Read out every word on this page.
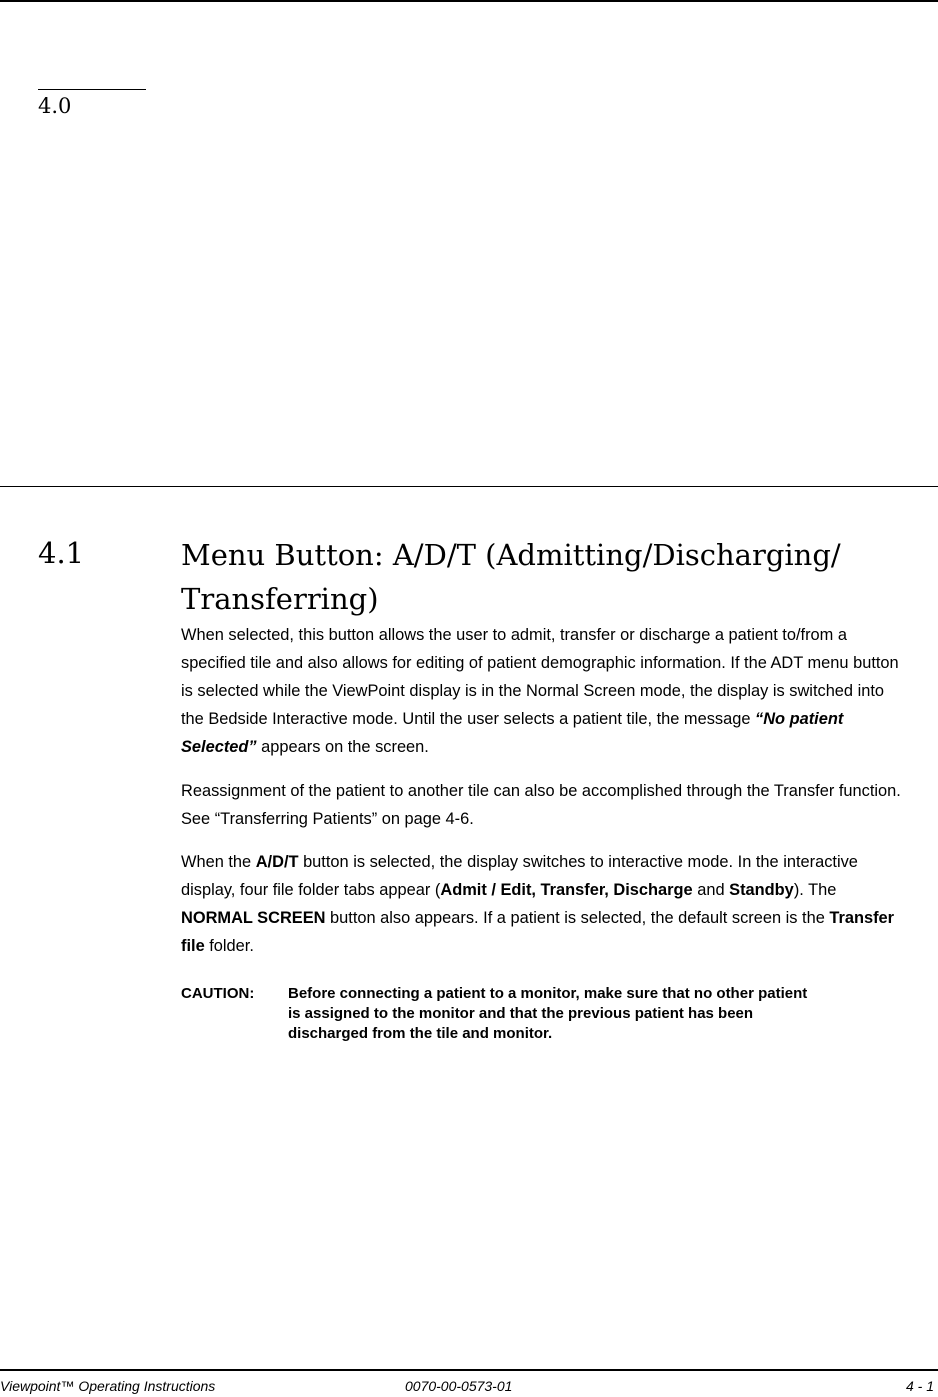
4.0
4.1	Menu Button: A/D/T (Admitting/Discharging/ Transferring)

When selected, this button allows the user to admit, transfer or discharge a patient to/from a specified tile and also allows for editing of patient demographic information. If the ADT menu button is selected while the ViewPoint display is in the Normal Screen mode, the display is switched into the Bedside Interactive mode. Until the user selects a patient tile, the message “No patient Selected” appears on the screen.

Reassignment of the patient to another tile can also be accomplished through the Transfer function. See “Transferring Patients” on page 4-6.

When the A/D/T button is selected, the display switches to interactive mode. In the interactive display, four file folder tabs appear (Admit / Edit, Transfer, Discharge and Standby). The NORMAL SCREEN button also appears. If a patient is selected, the default screen is the Transfer file folder.

CAUTION: Before connecting a patient to a monitor, make sure that no other patient is assigned to the monitor and that the previous patient has been discharged from the tile and monitor.
Viewpoint™ Operating Instructions	0070-00-0573-01	4 - 1
